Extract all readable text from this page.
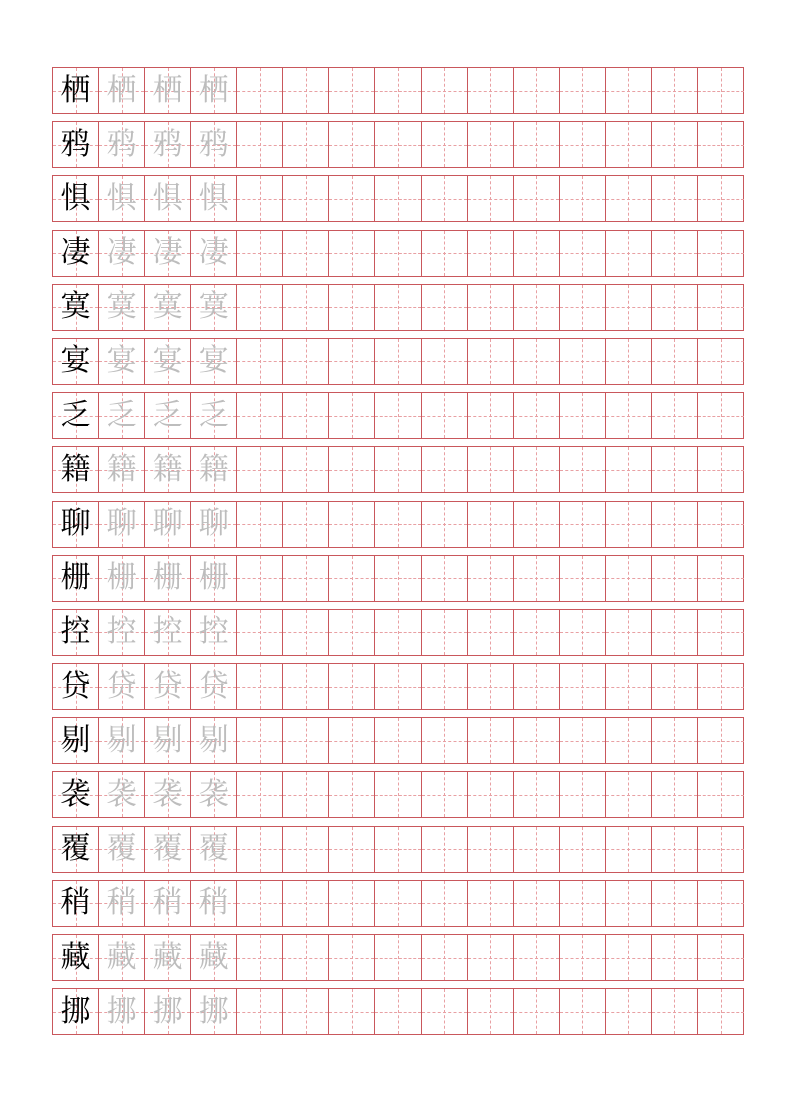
栖 栖 栖 栖
鸦 鸦 鸦 鸦
惧 惧 惧 惧
凄 凄 凄 凄
寞 寞 寞 寞
宴 宴 宴 宴
乏 乏 乏 乏
籍 籍 籍 籍
聊 聊 聊 聊
栅 栅 栅 栅
控 控 控 控
贷 贷 贷 贷
剔 剔 剔 剔
袭 袭 袭 袭
覆 覆 覆 覆
稍 稍 稍 稍
藏 藏 藏 藏
挪 挪 挪 挪
